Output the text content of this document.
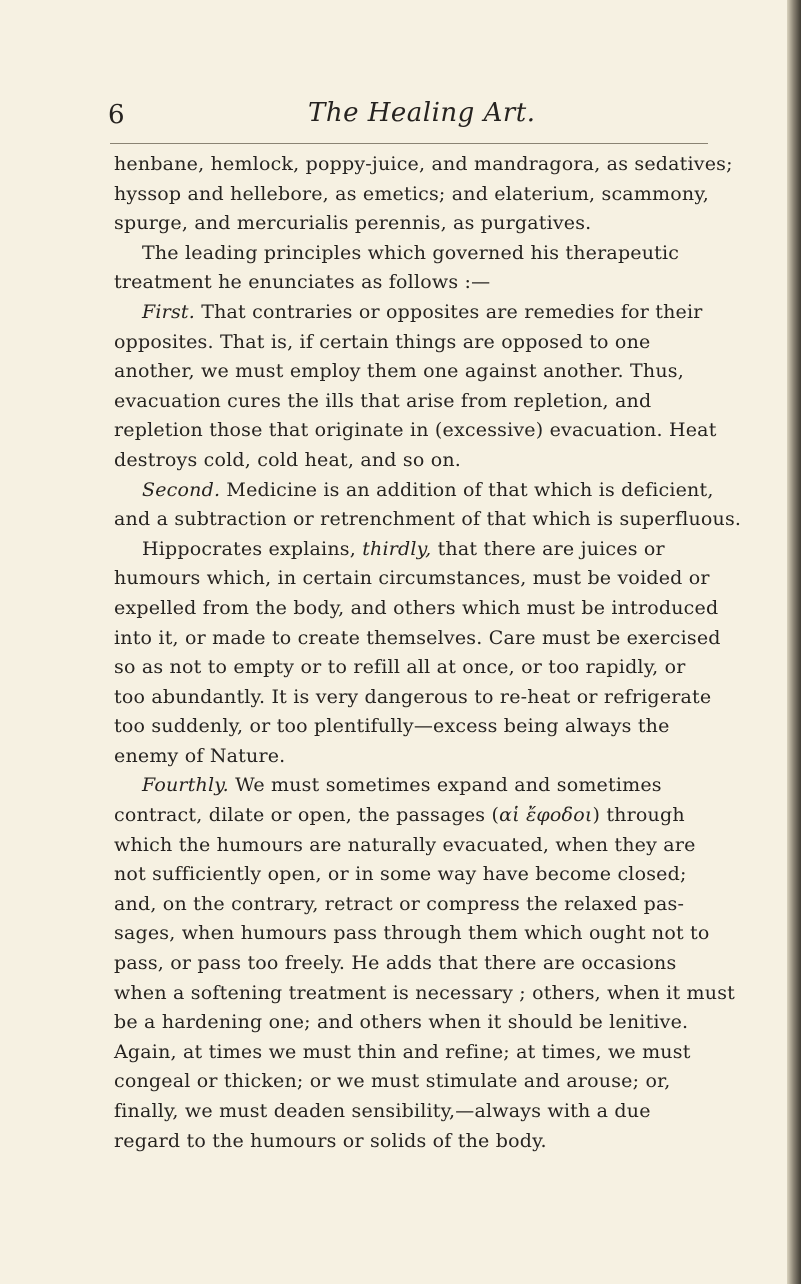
6	The Healing Art.
henbane, hemlock, poppy-juice, and mandragora, as sedatives;
hyssop and hellebore, as emetics; and elaterium, scammony,
spurge, and mercurialis perennis, as purgatives.
The leading principles which governed his therapeutic
treatment he enunciates as follows :—
First. That contraries or opposites are remedies for their
opposites. That is, if certain things are opposed to one
another, we must employ them one against another. Thus,
evacuation cures the ills that arise from repletion, and
repletion those that originate in (excessive) evacuation. Heat
destroys cold, cold heat, and so on.
Second. Medicine is an addition of that which is deficient,
and a subtraction or retrenchment of that which is superfluous.
Hippocrates explains, thirdly, that there are juices or
humours which, in certain circumstances, must be voided or
expelled from the body, and others which must be introduced
into it, or made to create themselves. Care must be exercised
so as not to empty or to refill all at once, or too rapidly, or
too abundantly. It is very dangerous to re-heat or refrigerate
too suddenly, or too plentifully—excess being always the
enemy of Nature.
Fourthly. We must sometimes expand and sometimes
contract, dilate or open, the passages (αἱ ἔφοδοι) through
which the humours are naturally evacuated, when they are
not sufficiently open, or in some way have become closed;
and, on the contrary, retract or compress the relaxed pas-
sages, when humours pass through them which ought not to
pass, or pass too freely. He adds that there are occasions
when a softening treatment is necessary ; others, when it must
be a hardening one; and others when it should be lenitive.
Again, at times we must thin and refine; at times, we must
congeal or thicken; or we must stimulate and arouse; or,
finally, we must deaden sensibility,—always with a due
regard to the humours or solids of the body.
